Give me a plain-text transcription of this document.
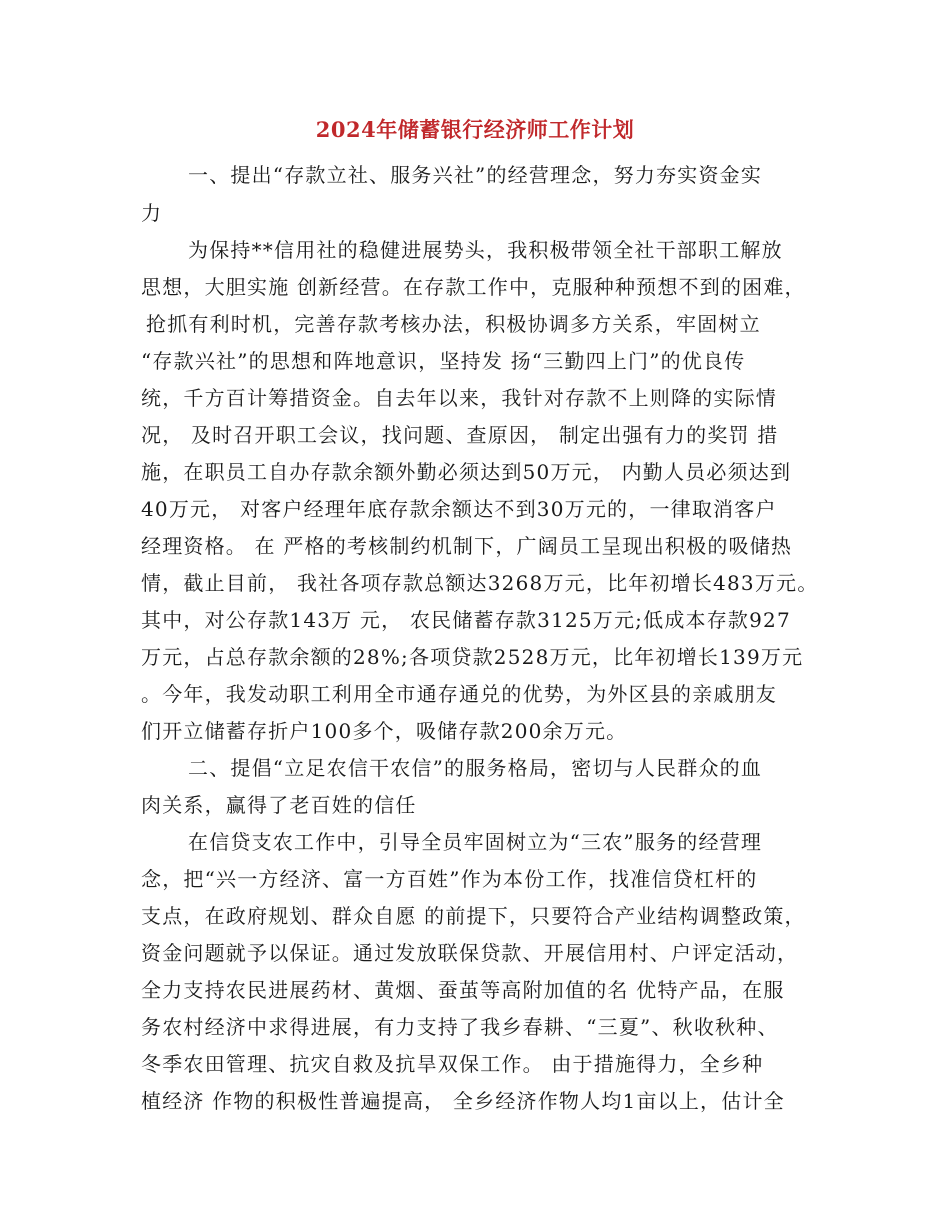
2024年储蓄银行经济师工作计划
一、提出“存款立社、服务兴社”的经营理念，努力夯实资金实
力
为保持**信用社的稳健进展势头，我积极带领全社干部职工解放
思想，大胆实施 创新经营。在存款工作中，克服种种预想不到的困难，
抢抓有利时机，完善存款考核办法，积极协调多方关系，牢固树立
“存款兴社”的思想和阵地意识，坚持发 扬“三勤四上门”的优良传
统，千方百计筹措资金。自去年以来，我针对存款不上则降的实际情
况， 及时召开职工会议，找问题、查原因， 制定出强有力的奖罚 措
施，在职员工自办存款余额外勤必须达到50万元， 内勤人员必须达到
40万元， 对客户经理年底存款余额达不到30万元的，一律取消客户
经理资格。 在 严格的考核制约机制下，广阔员工呈现出积极的吸储热
情，截止目前， 我社各项存款总额达3268万元，比年初增长483万元。
其中，对公存款143万 元， 农民储蓄存款3125万元;低成本存款927
万元，占总存款余额的28%;各项贷款2528万元，比年初增长139万元
。今年，我发动职工利用全市通存通兑的优势，为外区县的亲戚朋友
们开立储蓄存折户100多个，吸储存款200余万元。
二、提倡“立足农信干农信”的服务格局，密切与人民群众的血
肉关系，赢得了老百姓的信任
在信贷支农工作中，引导全员牢固树立为“三农”服务的经营理
念，把“兴一方经济、富一方百姓”作为本份工作，找准信贷杠杆的
支点，在政府规划、群众自愿 的前提下，只要符合产业结构调整政策，
资金问题就予以保证。通过发放联保贷款、开展信用村、户评定活动，
全力支持农民进展药材、黄烟、蚕茧等高附加值的名 优特产品，在服
务农村经济中求得进展，有力支持了我乡春耕、“三夏”、秋收秋种、
冬季农田管理、抗灾自救及抗旱双保工作。 由于措施得力，全乡种
植经济 作物的积极性普遍提高， 全乡经济作物人均1亩以上，估计全
